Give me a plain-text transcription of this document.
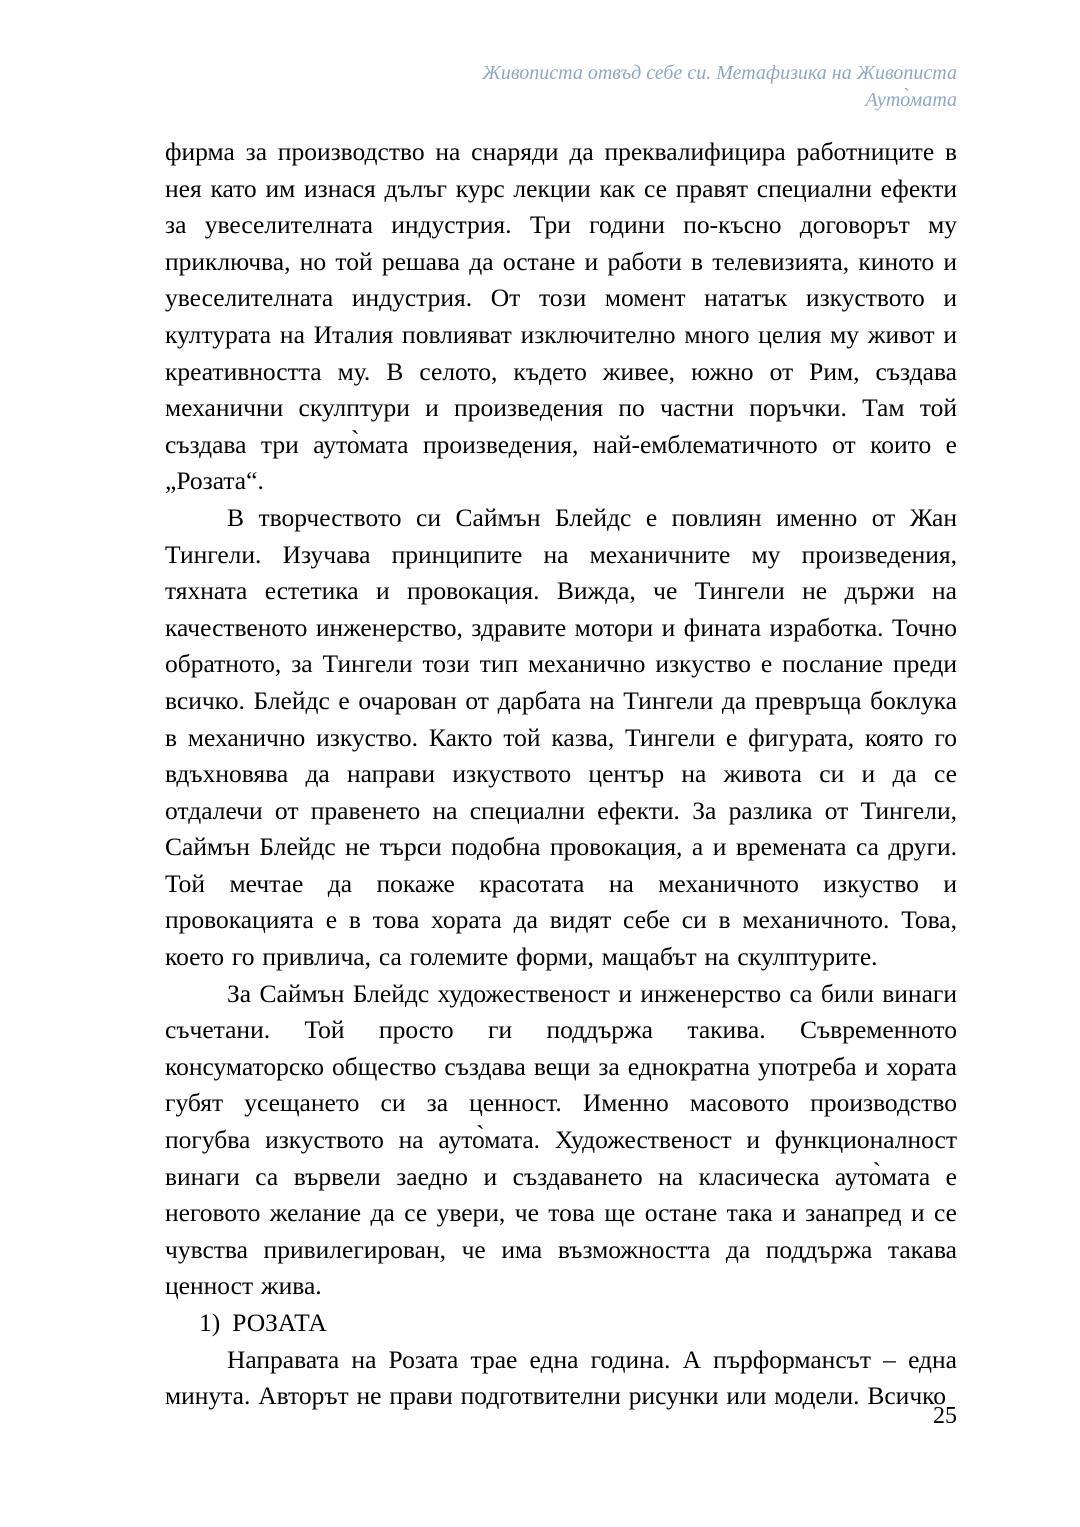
Живописта отвъд себе си. Метафизика на Живописта
Ауто̀мата

фирма за производство на снаряди да преквалифицира работниците в нея като им изнася дълъг курс лекции как се правят специални ефекти за увеселителната индустрия. Три години по-късно договорът му приключва, но той решава да остане и работи в телевизията, киното и увеселителната индустрия. От този момент нататък изкуството и културата на Италия повлияват изключително много целия му живот и креативността му. В селото, където живее, южно от Рим, създава механични скулптури и произведения по частни поръчки. Там той създава три ауто̀мата произведения, най-емблематичното от които е „Розата“.

В творчеството си Саймън Блейдс е повлиян именно от Жан Тингели. Изучава принципите на механичните му произведения, тяхната естетика и провокация. Вижда, че Тингели не държи на качественото инженерство, здравите мотори и фината изработка. Точно обратното, за Тингели този тип механично изкуство е послание преди всичко. Блейдс е очарован от дарбата на Тингели да превръща боклука в механично изкуство. Както той казва, Тингели е фигурата, която го вдъхновява да направи изкуството център на живота си и да се отдалечи от правенето на специални ефекти. За разлика от Тингели, Саймън Блейдс не търси подобна провокация, а и времената са други. Той мечтае да покаже красотата на механичното изкуство и провокацията е в това хората да видят себе си в механичното. Това, което го привлича, са големите форми, мащабът на скулптурите.

За Саймън Блейдс художественост и инженерство са били винаги съчетани. Той просто ги поддържа такива. Съвременното консуматорско общество създава вещи за еднократна употреба и хората губят усещането си за ценност. Именно масовото производство погубва изкуството на ауто̀мата. Художественост и функционалност винаги са вървели заедно и създаването на класическа ауто̀мата е неговото желание да се увери, че това ще остане така и занапред и се чувства привилегирован, че има възможността да поддържа такава ценност жива.

1) РОЗАТА

Направата на Розата трае една година. А пърформансът – една минута. Авторът не прави подготвителни рисунки или модели. Всичко

25
